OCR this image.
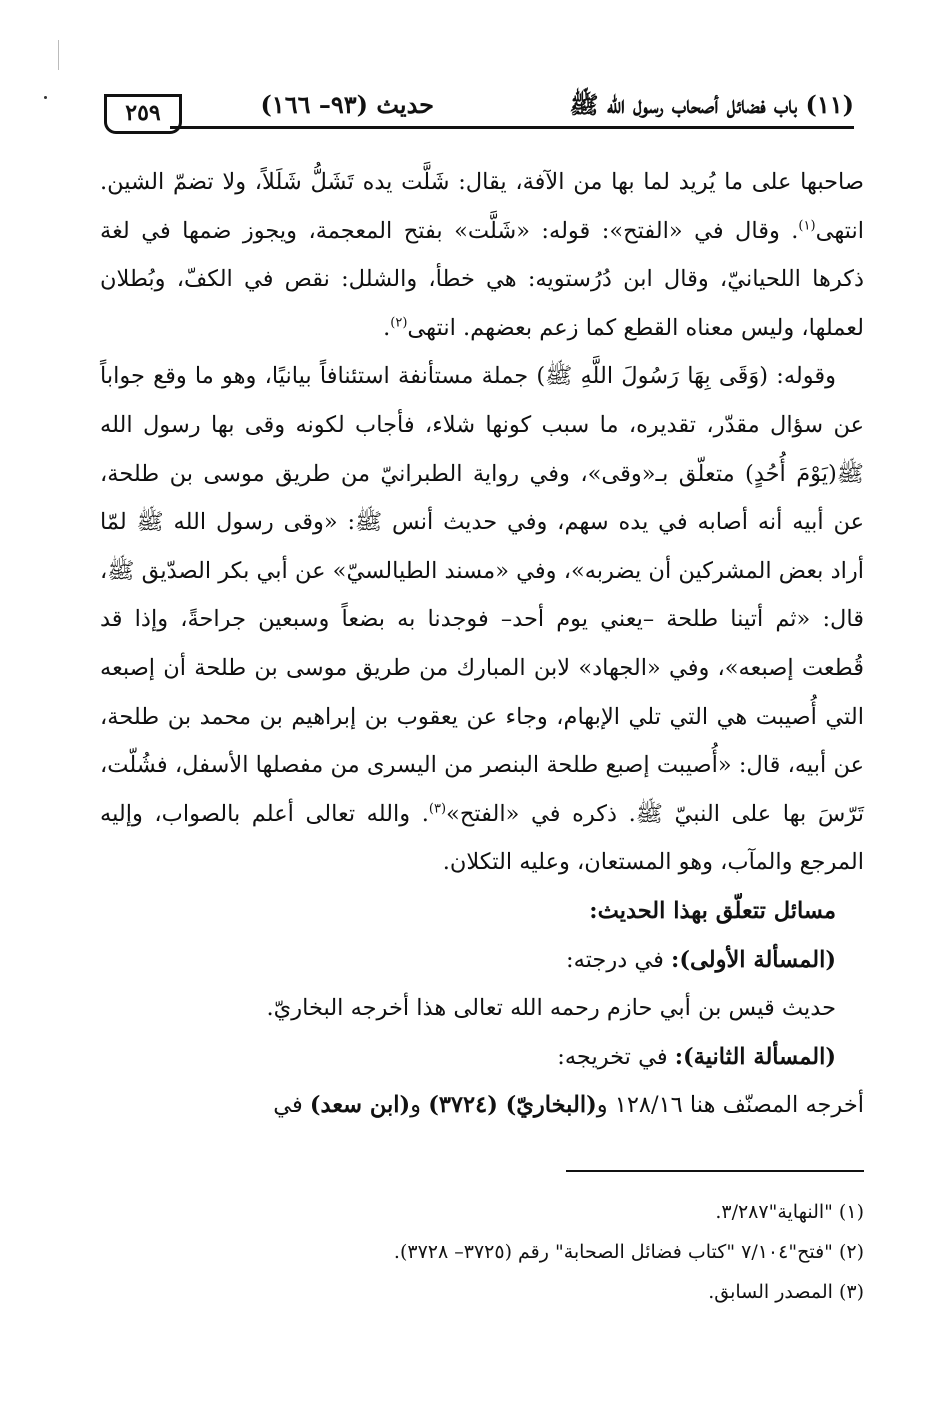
(١١) باب فضائل أصحاب رسول الله ﷺ
حديث (٩٣– ١٦٦)
٢٥٩

صاحبها على ما يُريد لما بها من الآفة، يقال: شَلَّت يده تَشَلُّ شَلَلاً، ولا تضمّ الشين. انتهى$^{(١)}$. وقال في «الفتح»: قوله: «شَلَّت» بفتح المعجمة، ويجوز ضمها في لغة ذكرها اللحيانيّ، وقال ابن دُرُستويه: هي خطأ، والشلل: نقص في الكفّ، وبُطلان لعملها، وليس معناه القطع كما زعم بعضهم. انتهى$^{(٢)}$.

وقوله: (وَقَى بِهَا رَسُولَ اللَّهِ ﷺ) جملة مستأنفة استئنافاً بيانيًا، وهو ما وقع جواباً عن سؤال مقدّر، تقديره، ما سبب كونها شلاء، فأجاب لكونه وقى بها رسول الله ﷺ(يَوْمَ أُحُدٍ) متعلّق بـ«وقى»، وفي رواية الطبرانيّ من طريق موسى بن طلحة، عن أبيه أنه أصابه في يده سهم، وفي حديث أنس ﷺ: «وقى رسول الله ﷺ لمّا أراد بعض المشركين أن يضربه»، وفي «مسند الطيالسيّ» عن أبي بكر الصدّيق ﷺ، قال: «ثم أتينا طلحة –يعني يوم أحد– فوجدنا به بضعاً وسبعين جراحةً، وإذا قد قُطعت إصبعه»، وفي «الجهاد» لابن المبارك من طريق موسى بن طلحة أن إصبعه التي أُصيبت هي التي تلي الإبهام، وجاء عن يعقوب بن إبراهيم بن محمد بن طلحة، عن أبيه، قال: «أُصيبت إصبع طلحة البنصر من اليسرى من مفصلها الأسفل، فشُلّت، تَرّسَ بها على النبيّ ﷺ. ذكره في «الفتح»$^{(٣)}$. والله تعالى أعلم بالصواب، وإليه المرجع والمآب، وهو المستعان، وعليه التكلان.

مسائل تتعلّق بهذا الحديث:

(المسألة الأولى): في درجته:

حديث قيس بن أبي حازم رحمه الله تعالى هذا أخرجه البخاريّ.

(المسألة الثانية): في تخريجه:

أخرجه المصنّف هنا ١٢٨/١٦ و(البخاريّ) (٣٧٢٤) و(ابن سعد) في

(١) "النهاية"٣/٢٨٧.
(٢) "فتح"٧/١٠٤ "كتاب فضائل الصحابة" رقم (٣٧٢٥– ٣٧٢٨).
(٣) المصدر السابق.
